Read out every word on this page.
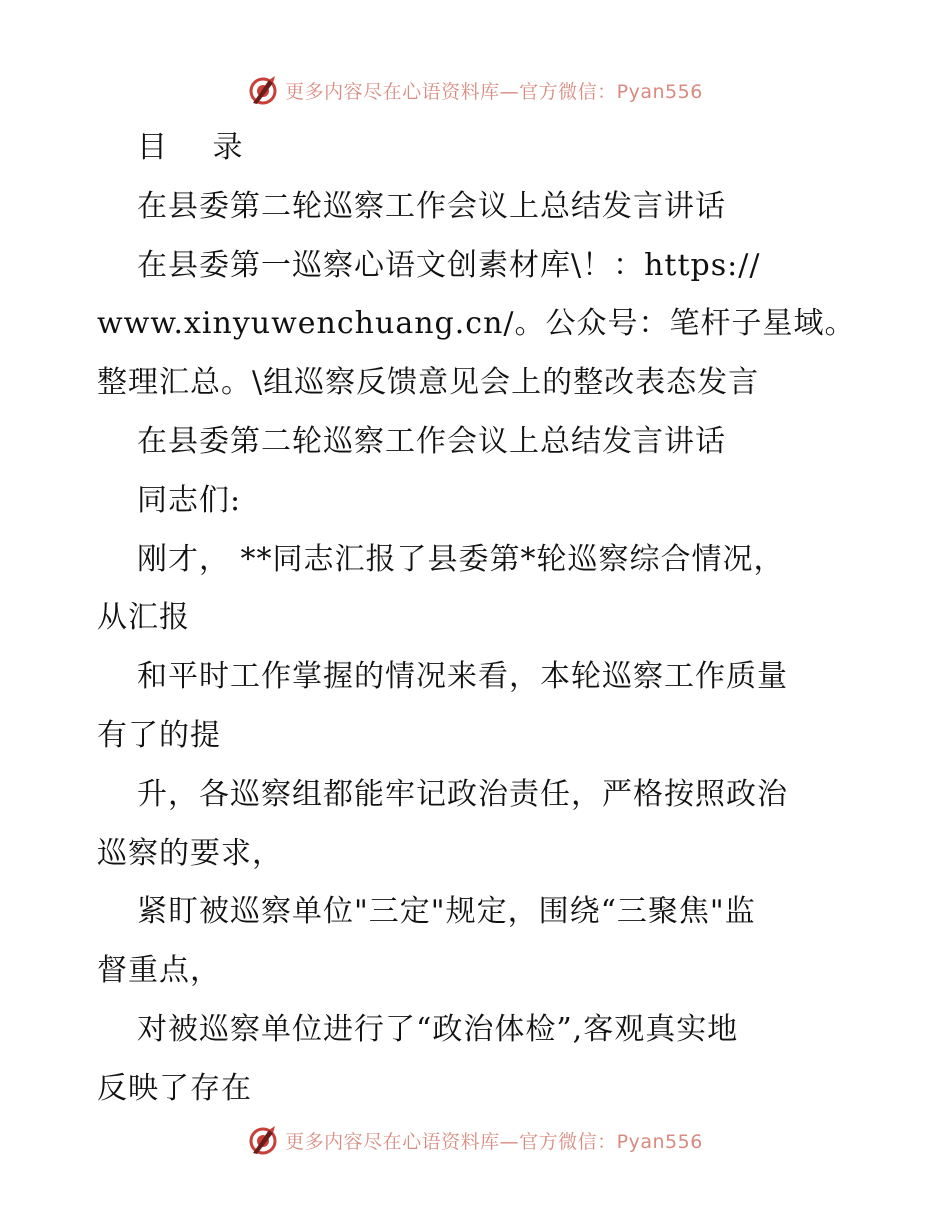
更多内容尽在心语资料库—官方微信：Pyan556

目 录

在县委第二轮巡察工作会议上总结发言讲话

在县委第一巡察心语文创素材库\！：https://

www.xinyuwenchuang.cn/。公众号：笔杆子星域。

整理汇总。\组巡察反馈意见会上的整改表态发言

在县委第二轮巡察工作会议上总结发言讲话

同志们:

刚才， **同志汇报了县委第*轮巡察综合情况，

从汇报

和平时工作掌握的情况来看，本轮巡察工作质量

有了的提

升，各巡察组都能牢记政治责任，严格按照政治

巡察的要求，

紧盯被巡察单位"三定"规定，围绕“三聚焦"监

督重点，

对被巡察单位进行了“政治体检”,客观真实地

反映了存在

更多内容尽在心语资料库—官方微信：Pyan556
